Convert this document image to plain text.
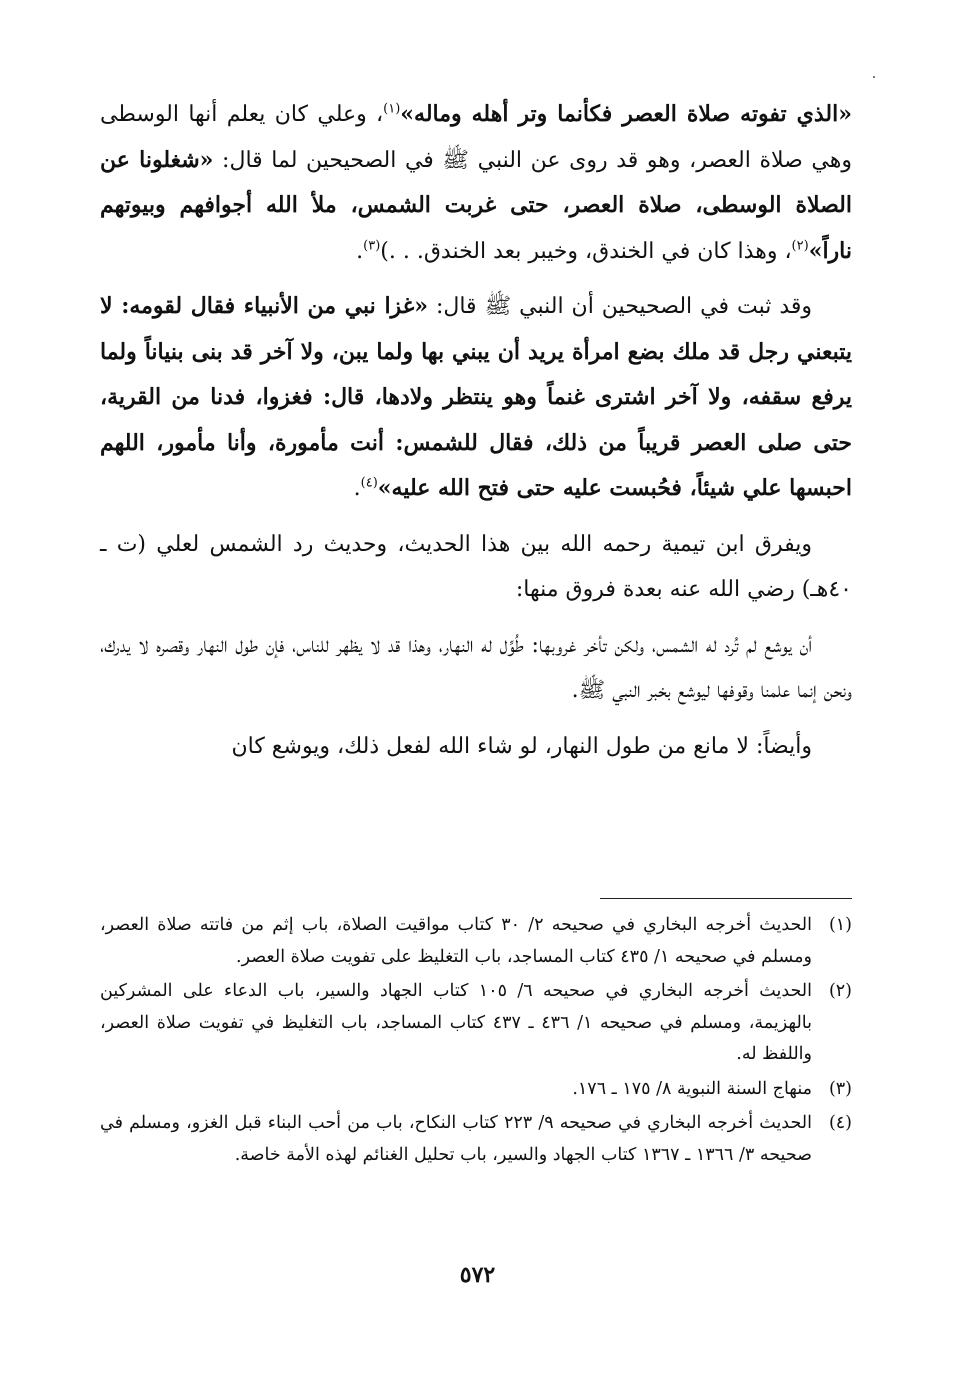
«الذي تفوته صلاة العصر فكأنما وتر أهله وماله»$^{(١)}$، وعلي كان يعلم أنها الوسطى وهي صلاة العصر، وهو قد روى عن النبي ﷺ في الصحيحين لما قال: «شغلونا عن الصلاة الوسطى، صلاة العصر، حتى غربت الشمس، ملأ الله أجوافهم وبيوتهم ناراً»$^{(٢)}$، وهذا كان في الخندق، وخيبر بعد الخندق. . .)$^{(٣)}$.

وقد ثبت في الصحيحين أن النبي ﷺ قال: «غزا نبي من الأنبياء فقال لقومه: لا يتبعني رجل قد ملك بضع امرأة يريد أن يبني بها ولما يبن، ولا آخر قد بنى بنياناً ولما يرفع سقفه، ولا آخر اشترى غنماً وهو ينتظر ولادها، قال: فغزوا، فدنا من القرية، حتى صلى العصر قريباً من ذلك، فقال للشمس: أنت مأمورة، وأنا مأمور، اللهم احبسها علي شيئاً، فحُبست عليه حتى فتح الله عليه»$^{(٤)}$.

ويفرق ابن تيمية رحمه الله بين هذا الحديث، وحديث رد الشمس لعلي (ت ـ ٤٠هـ) رضي الله عنه بعدة فروق منها:

أن يوشع لم تُرد له الشمس، ولكن تأخر غروبها: طُوِّل له النهار، وهذا قد لا يظهر للناس، فإن طول النهار وقصره لا يدرك، ونحن إنما علمنا وقوفها ليوشع بخبر النبي ﷺ.

وأيضاً: لا مانع من طول النهار، لو شاء الله لفعل ذلك، ويوشع كان

(١)
الحديث أخرجه البخاري في صحيحه ٢/ ٣٠ كتاب مواقيت الصلاة، باب إثم من فاتته صلاة العصر، ومسلم في صحيحه ١/ ٤٣٥ كتاب المساجد، باب التغليظ على تفويت صلاة العصر.
(٢)
الحديث أخرجه البخاري في صحيحه ٦/ ١٠٥ كتاب الجهاد والسير، باب الدعاء على المشركين بالهزيمة، ومسلم في صحيحه ١/ ٤٣٦ ـ ٤٣٧ كتاب المساجد، باب التغليظ في تفويت صلاة العصر، واللفظ له.
(٣)
منهاج السنة النبوية ٨/ ١٧٥ ـ ١٧٦.
(٤)
الحديث أخرجه البخاري في صحيحه ٩/ ٢٢٣ كتاب النكاح، باب من أحب البناء قبل الغزو، ومسلم في صحيحه ٣/ ١٣٦٦ ـ ١٣٦٧ كتاب الجهاد والسير، باب تحليل الغنائم لهذه الأمة خاصة.
٥٧٢
